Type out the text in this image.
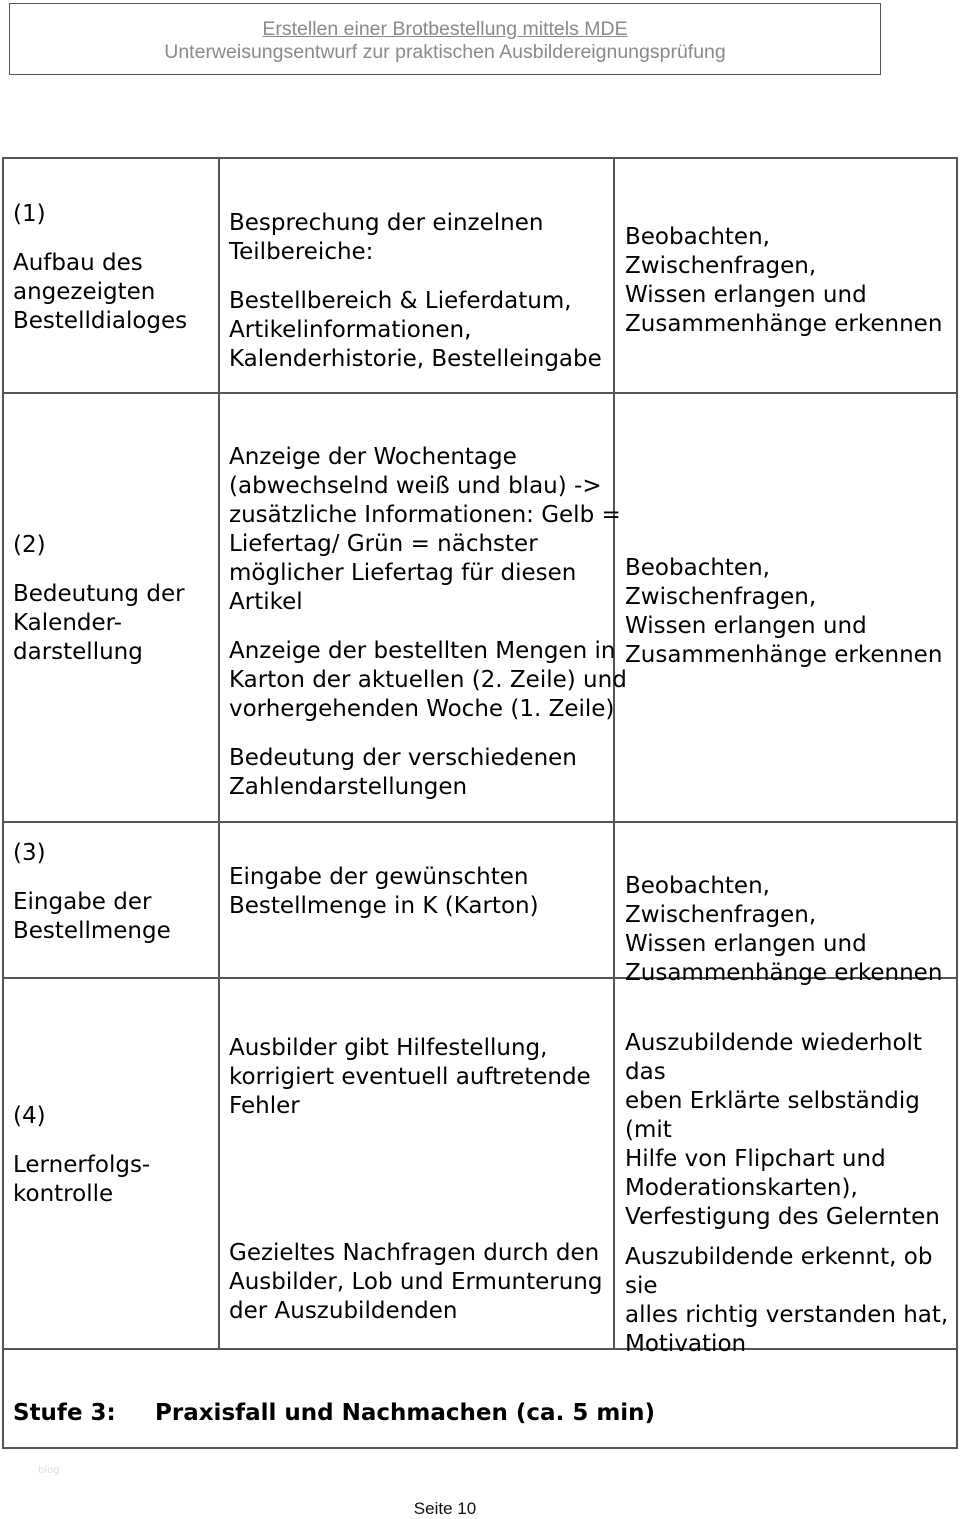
Erstellen einer Brotbestellung mittels MDE
Unterweisungsentwurf zur praktischen Ausbildereignungsprüfung

(1)

Aufbau des
angezeigten
Bestelldialoges

Besprechung der einzelnen
Teilbereiche:

Bestellbereich & Lieferdatum,
Artikelinformationen,
Kalenderhistorie, Bestelleingabe

Beobachten, Zwischenfragen,
Wissen erlangen und
Zusammenhänge erkennen

(2)

Bedeutung der
Kalender-
darstellung

Anzeige der Wochentage
(abwechselnd weiß und blau) ->
zusätzliche Informationen: Gelb =
Liefertag/ Grün = nächster
möglicher Liefertag für diesen
Artikel

Anzeige der bestellten Mengen in
Karton der aktuellen (2. Zeile) und
vorhergehenden Woche (1. Zeile)

Bedeutung der verschiedenen
Zahlendarstellungen

Beobachten, Zwischenfragen,
Wissen erlangen und
Zusammenhänge erkennen

(3)

Eingabe der
Bestellmenge

Eingabe der gewünschten
Bestellmenge in K (Karton)

Beobachten, Zwischenfragen,
Wissen erlangen und
Zusammenhänge erkennen

(4)

Lernerfolgs-
kontrolle

Ausbilder gibt Hilfestellung,
korrigiert eventuell auftretende
Fehler

Gezieltes Nachfragen durch den
Ausbilder, Lob und Ermunterung
der Auszubildenden

Auszubildende wiederholt das
eben Erklärte selbständig (mit
Hilfe von Flipchart und
Moderationskarten),
Verfestigung des Gelernten

Auszubildende erkennt, ob sie
alles richtig verstanden hat,
Motivation

Stufe 3: Praxisfall und Nachmachen (ca. 5 min)
blog
Seite 10
